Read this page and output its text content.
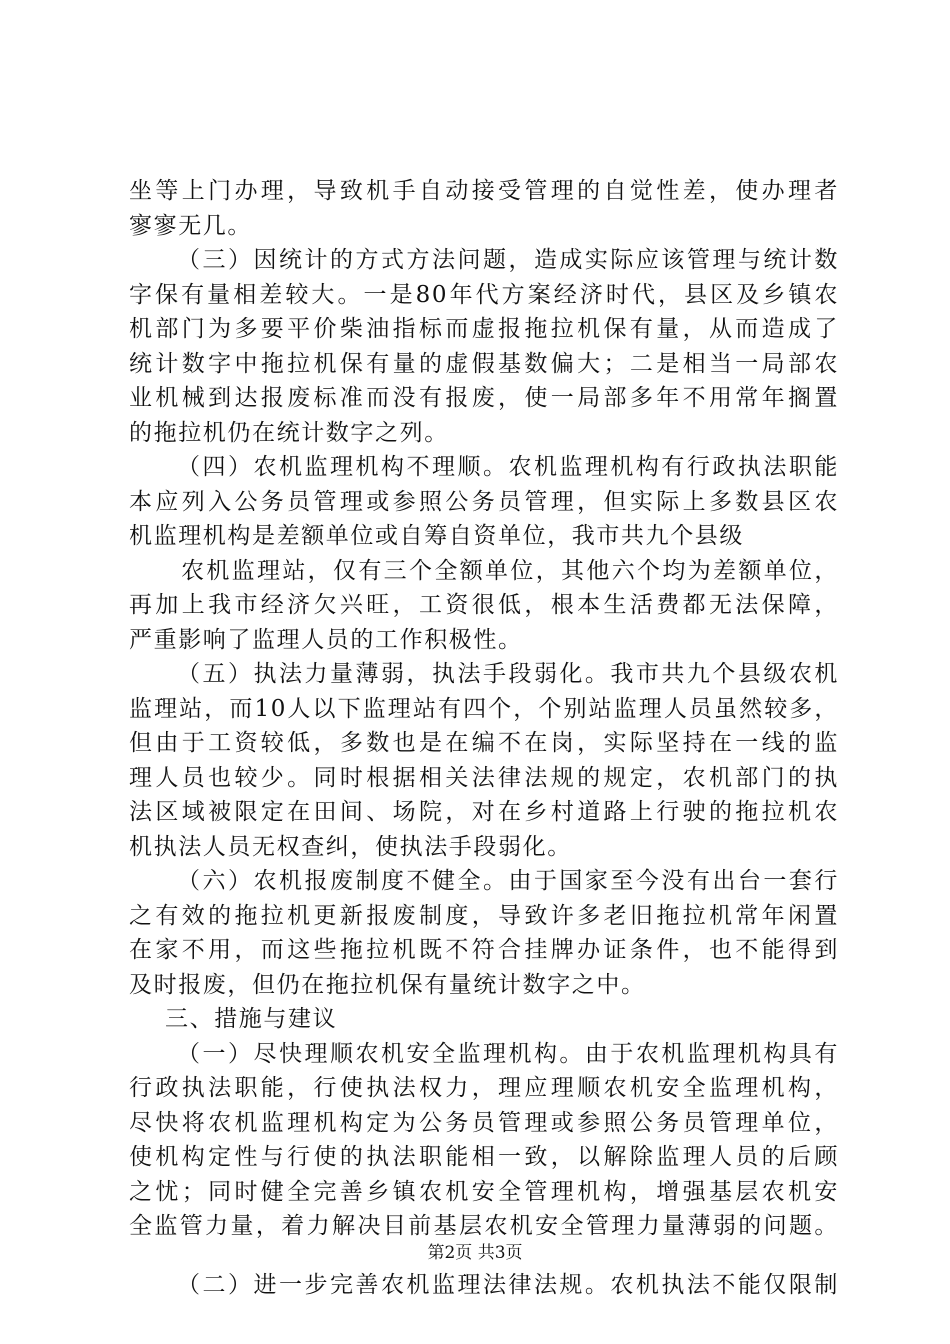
坐等上门办理，导致机手自动接受管理的自觉性差，使办理者
寥寥无几。
（三）因统计的方式方法问题，造成实际应该管理与统计数
字保有量相差较大。一是80年代方案经济时代，县区及乡镇农
机部门为多要平价柴油指标而虚报拖拉机保有量，从而造成了
统计数字中拖拉机保有量的虚假基数偏大；二是相当一局部农
业机械到达报废标准而没有报废，使一局部多年不用常年搁置
的拖拉机仍在统计数字之列。
（四）农机监理机构不理顺。农机监理机构有行政执法职能
本应列入公务员管理或参照公务员管理，但实际上多数县区农
机监理机构是差额单位或自筹自资单位，我市共九个县级
农机监理站，仅有三个全额单位，其他六个均为差额单位，
再加上我市经济欠兴旺，工资很低，根本生活费都无法保障，
严重影响了监理人员的工作积极性。
（五）执法力量薄弱，执法手段弱化。我市共九个县级农机
监理站，而10人以下监理站有四个，个别站监理人员虽然较多，
但由于工资较低，多数也是在编不在岗，实际坚持在一线的监
理人员也较少。同时根据相关法律法规的规定，农机部门的执
法区域被限定在田间、场院，对在乡村道路上行驶的拖拉机农
机执法人员无权查纠，使执法手段弱化。
（六）农机报废制度不健全。由于国家至今没有出台一套行
之有效的拖拉机更新报废制度，导致许多老旧拖拉机常年闲置
在家不用，而这些拖拉机既不符合挂牌办证条件，也不能得到
及时报废，但仍在拖拉机保有量统计数字之中。
三、措施与建议
（一）尽快理顺农机安全监理机构。由于农机监理机构具有
行政执法职能，行使执法权力，理应理顺农机安全监理机构，
尽快将农机监理机构定为公务员管理或参照公务员管理单位，
使机构定性与行使的执法职能相一致，以解除监理人员的后顾
之忧；同时健全完善乡镇农机安全管理机构，增强基层农机安
全监管力量，着力解决目前基层农机安全管理力量薄弱的问题。
（二）进一步完善农机监理法律法规。农机执法不能仅限制
第2页 共3页
